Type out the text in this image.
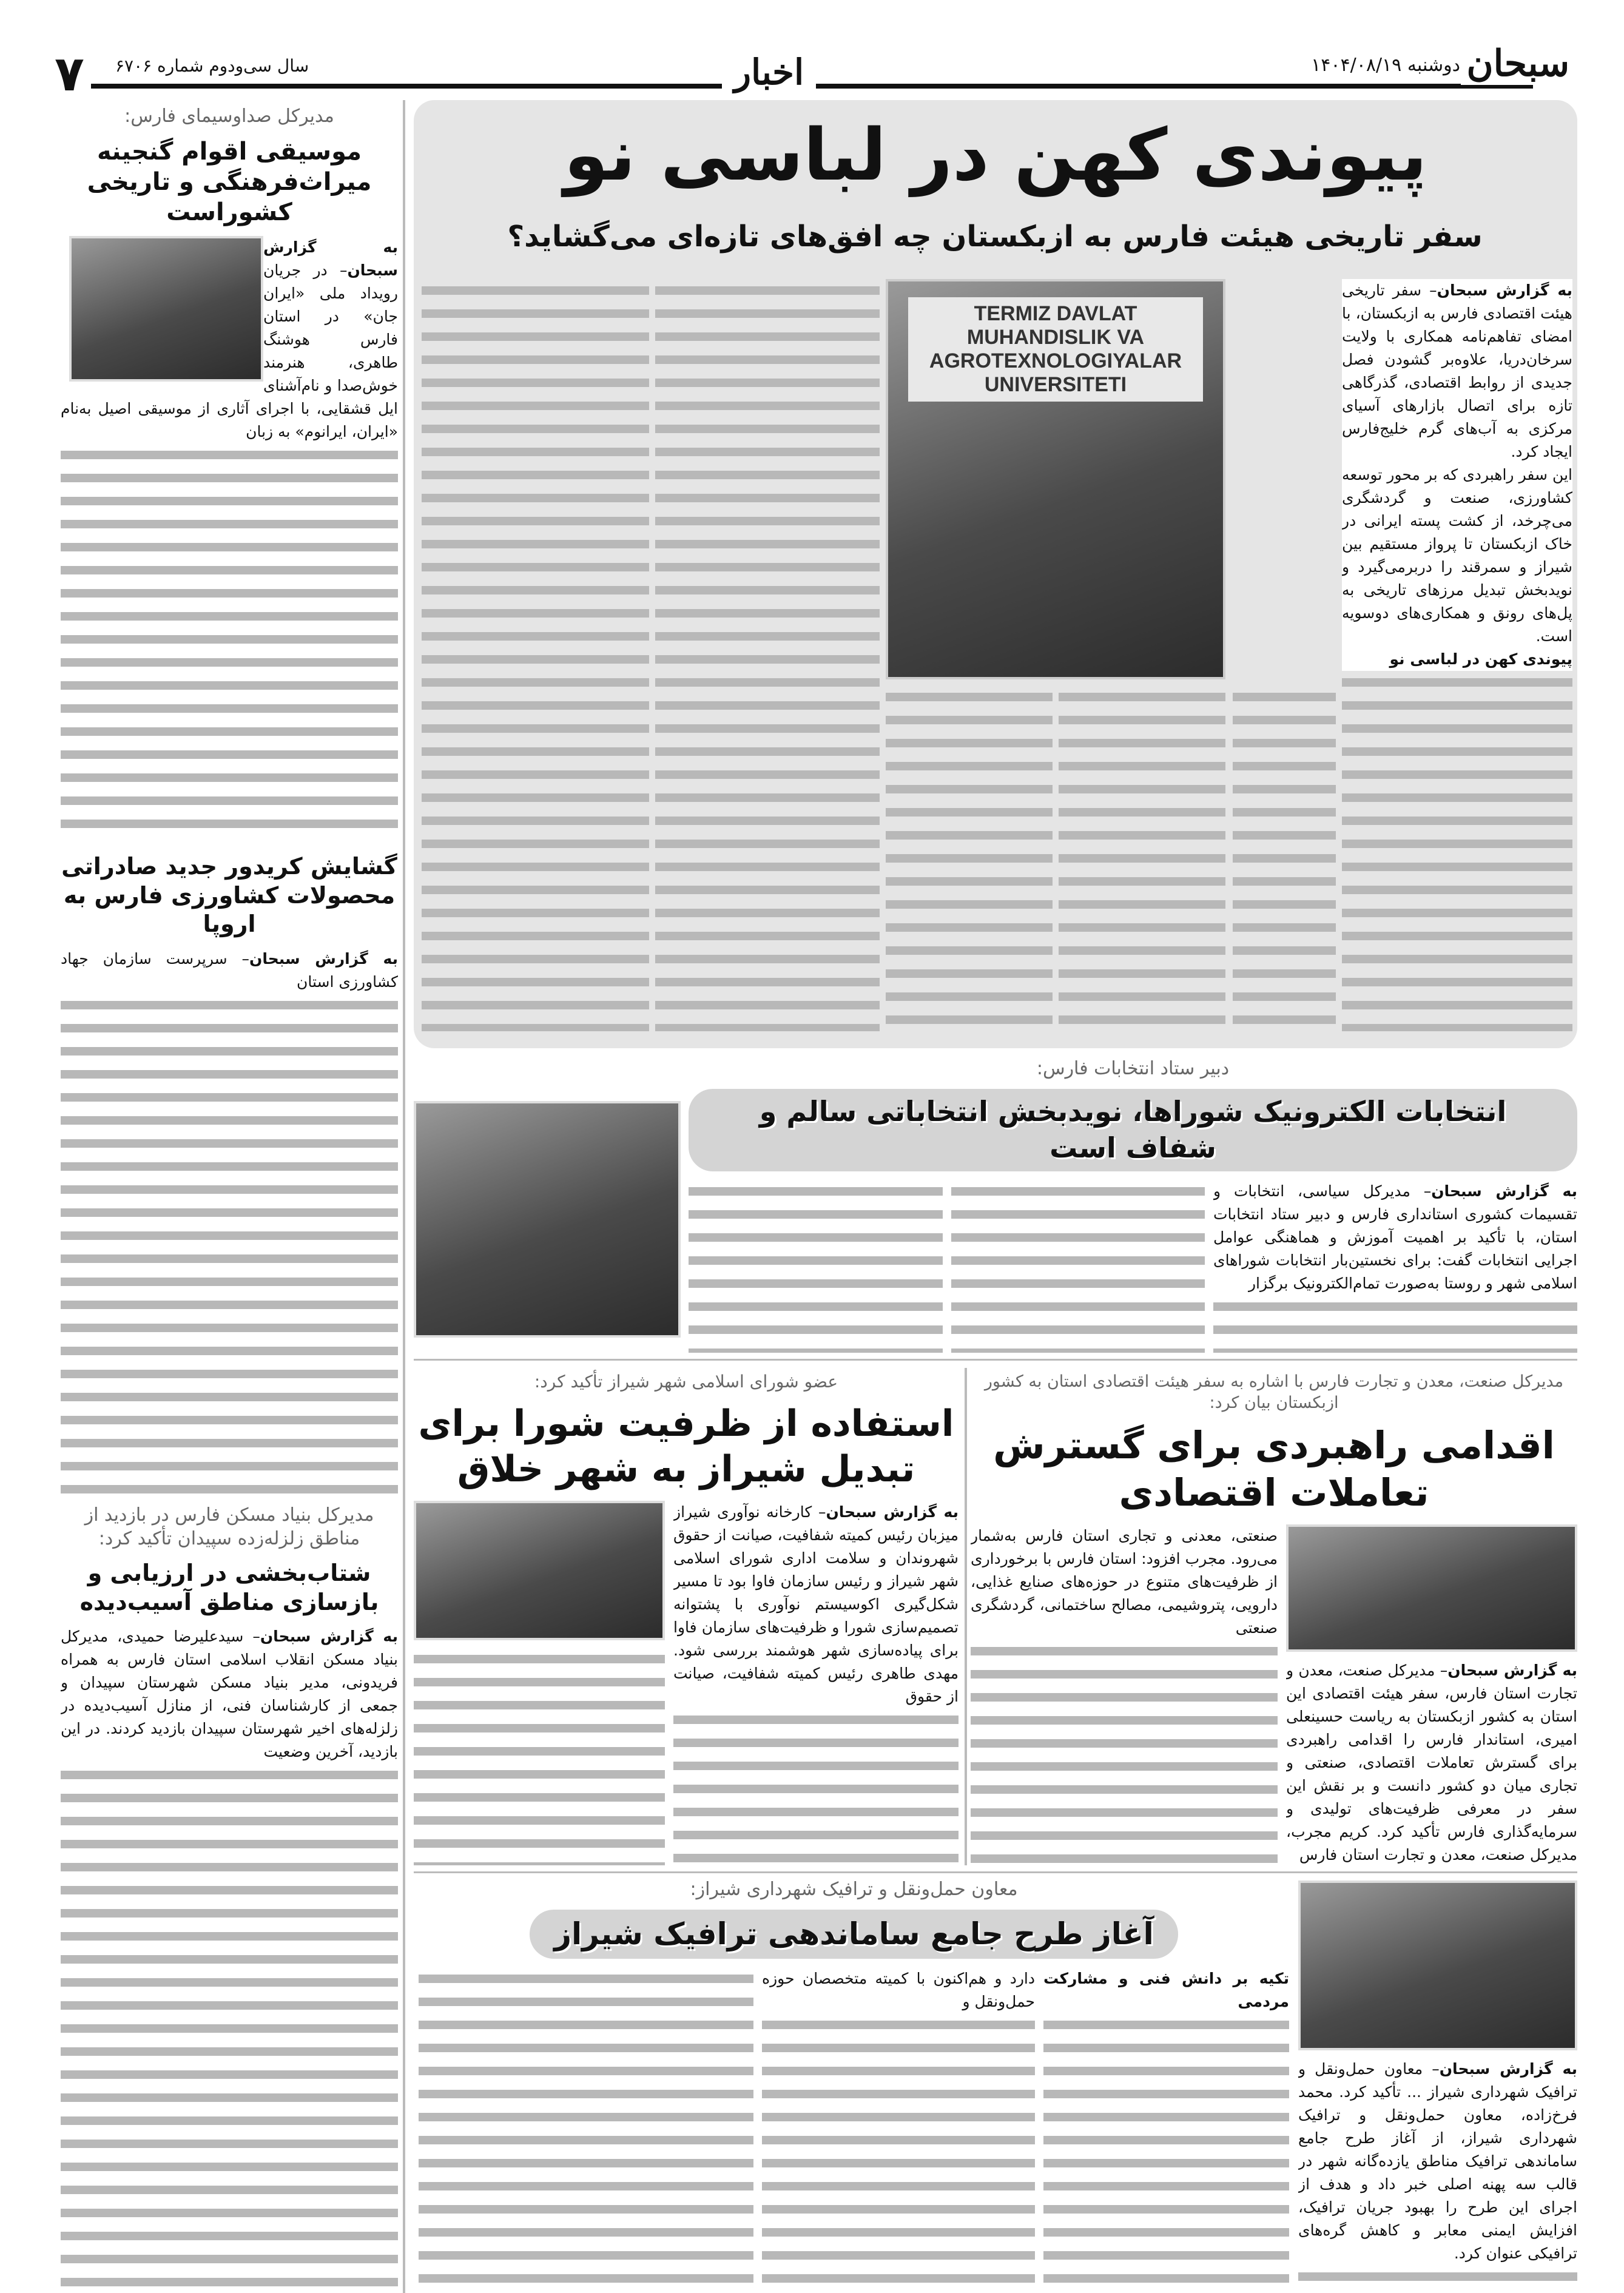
سبحان
دوشنبه ۱۴۰۴/۰۸/۱۹
اخبار
۷	سال سی‌ودوم شماره ۶۷۰۶
مدیرکل صداوسیمای فارس:
موسیقی اقوام گنجینه میراث‌فرهنگی و تاریخی کشوراست
به گزارش سبحان– در جریان رویداد ملی «ایران جان» در استان فارس هوشنگ طاهری، هنرمند خوش‌صدا و نام‌آشنای ایل قشقایی، با اجرای آثاری از موسیقی اصیل به‌نام «ایران، ایرانوم» به زبان
گشایش کریدور جدید صادراتی محصولات کشاورزی فارس به اروپا
به گزارش سبحان– سرپرست سازمان جهاد کشاورزی استان
مدیرکل بنیاد مسکن فارس در بازدید از مناطق زلزله‌زده سپیدان تأکید کرد:
شتاب‌بخشی در ارزیابی و بازسازی مناطق آسیب‌دیده
به گزارش سبحان– سیدعلیرضا حمیدی، مدیرکل بنیاد مسکن انقلاب اسلامی استان فارس به همراه فریدونی، مدیر بنیاد مسکن شهرستان سپیدان و جمعی از کارشناسان فنی، از منازل آسیب‌دیده در زلزله‌های اخیر شهرستان سپیدان بازدید کردند. در این بازدید، آخرین وضعیت
پیوندی کهن در لباسی نو
سفر تاریخی هیئت فارس به ازبکستان چه افق‌های تازه‌ای می‌گشاید؟
TERMIZ DAVLAT MUHANDISLIK VA AGROTEXNOLOGIYALAR UNIVERSITETI
به گزارش سبحان– سفر تاریخی هیئت اقتصادی فارس به ازبکستان، با امضای تفاهم‌نامه همکاری با ولایت سرخان‌دریا، علاوه‌بر گشودن فصل جدیدی از روابط اقتصادی، گذرگاهی تازه برای اتصال بازارهای آسیای مرکزی به آب‌های گرم خلیج‌فارس ایجاد کرد.
این سفر راهبردی که بر محور توسعه کشاورزی، صنعت و گردشگری می‌چرخد، از کشت پسته ایرانی در خاک ازبکستان تا پرواز مستقیم بین شیراز و سمرقند را دربرمی‌گیرد و نویدبخش تبدیل مرزهای تاریخی به پل‌های رونق و همکاری‌های دوسویه است.

پیوندی کهن در لباسی نو
دبیر ستاد انتخابات فارس:
انتخابات الکترونیک شوراها، نویدبخش انتخاباتی سالم و شفاف است
به گزارش سبحان– مدیرکل سیاسی، انتخابات و تقسیمات کشوری استانداری فارس و دبیر ستاد انتخابات استان، با تأکید بر اهمیت آموزش و هماهنگی عوامل اجرایی انتخابات گفت: برای نخستین‌بار انتخابات شوراهای اسلامی شهر و روستا به‌صورت تمام‌الکترونیک برگزار
مدیرکل صنعت، معدن و تجارت فارس با اشاره به سفر هیئت اقتصادی استان به کشور ازبکستان بیان کرد:
اقدامی راهبردی برای گسترش تعاملات اقتصادی
به گزارش سبحان– مدیرکل صنعت، معدن و تجارت استان فارس، سفر هیئت اقتصادی این استان به کشور ازبکستان به ریاست حسینعلی امیری، استاندار فارس را اقدامی راهبردی برای گسترش تعاملات اقتصادی، صنعتی و تجاری میان دو کشور دانست و بر نقش این سفر در معرفی ظرفیت‌های تولیدی و سرمایه‌گذاری فارس تأکید کرد. کریم مجرب، مدیرکل صنعت، معدن و تجارت استان فارس
صنعتی، معدنی و تجاری استان فارس به‌شمار می‌رود. مجرب افزود: استان فارس با برخورداری از ظرفیت‌های متنوع در حوزه‌های صنایع غذایی، دارویی، پتروشیمی، مصالح ساختمانی، گردشگری صنعتی
عضو شورای اسلامی شهر شیراز تأکید کرد:
استفاده از ظرفیت شورا برای تبدیل شیراز به شهر خلاق
به گزارش سبحان– کارخانه نوآوری شیراز میزبان رئیس کمیته شفافیت، صیانت از حقوق شهروندان و سلامت اداری شورای اسلامی شهر شیراز و رئیس سازمان فاوا بود تا مسیر شکل‌گیری اکوسیستم نوآوری با پشتوانه تصمیم‌سازی شورا و ظرفیت‌های سازمان فاوا برای پیاده‌سازی شهر هوشمند بررسی شود. مهدی طاهری رئیس کمیته شفافیت، صیانت از حقوق
به گزارش سبحان– معاون حمل‌ونقل و ترافیک شهرداری شیراز ... تأکید کرد. محمد فرخ‌زاده، معاون حمل‌ونقل و ترافیک شهرداری شیراز، از آغاز طرح جامع ساماندهی ترافیک مناطق یازده‌گانه شهر در قالب سه پهنه اصلی خبر داد و هدف از اجرای این طرح را بهبود جریان ترافیک، افزایش ایمنی معابر و کاهش گره‌های ترافیکی عنوان کرد.
معاون حمل‌ونقل و ترافیک شهرداری شیراز:
آغاز طرح جامع ساماندهی ترافیک شیراز
تکیه بر دانش فنی و مشارکت مردمی
دارد و هم‌اکنون با کمیته متخصصان حوزه حمل‌ونقل و
